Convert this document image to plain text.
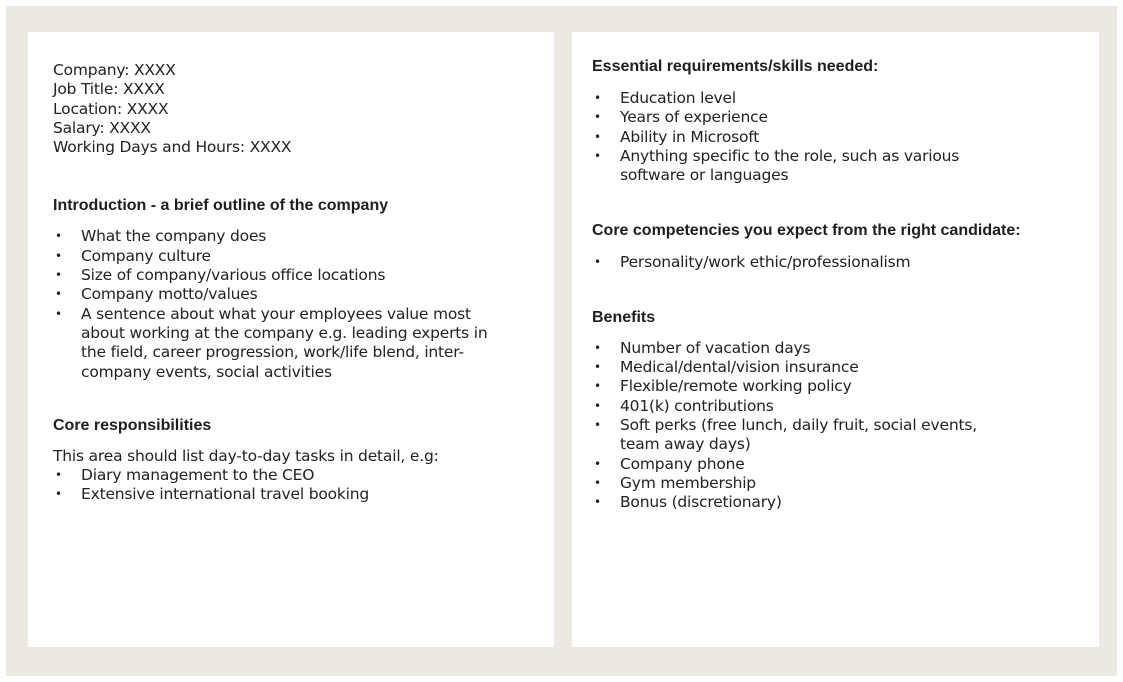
Company: XXXX

Job Title: XXXX

Location: XXXX

Salary: XXXX

Working Days and Hours: XXXX

Introduction - a brief outline of the company

• What the company does
• Company culture
• Size of company/various office locations
• Company motto/values
• A sentence about what your employees value most about working at the company e.g. leading experts in the field, career progression, work/life blend, inter-company events, social activities

Core responsibilities

This area should list day-to-day tasks in detail, e.g:

• Diary management to the CEO
• Extensive international travel booking

Essential requirements/skills needed:

• Education level
• Years of experience
• Ability in Microsoft
• Anything specific to the role, such as various software or languages

Core competencies you expect from the right candidate:

• Personality/work ethic/professionalism

Benefits

• Number of vacation days
• Medical/dental/vision insurance
• Flexible/remote working policy
• 401(k) contributions
• Soft perks (free lunch, daily fruit, social events, team away days)
• Company phone
• Gym membership
• Bonus (discretionary)
